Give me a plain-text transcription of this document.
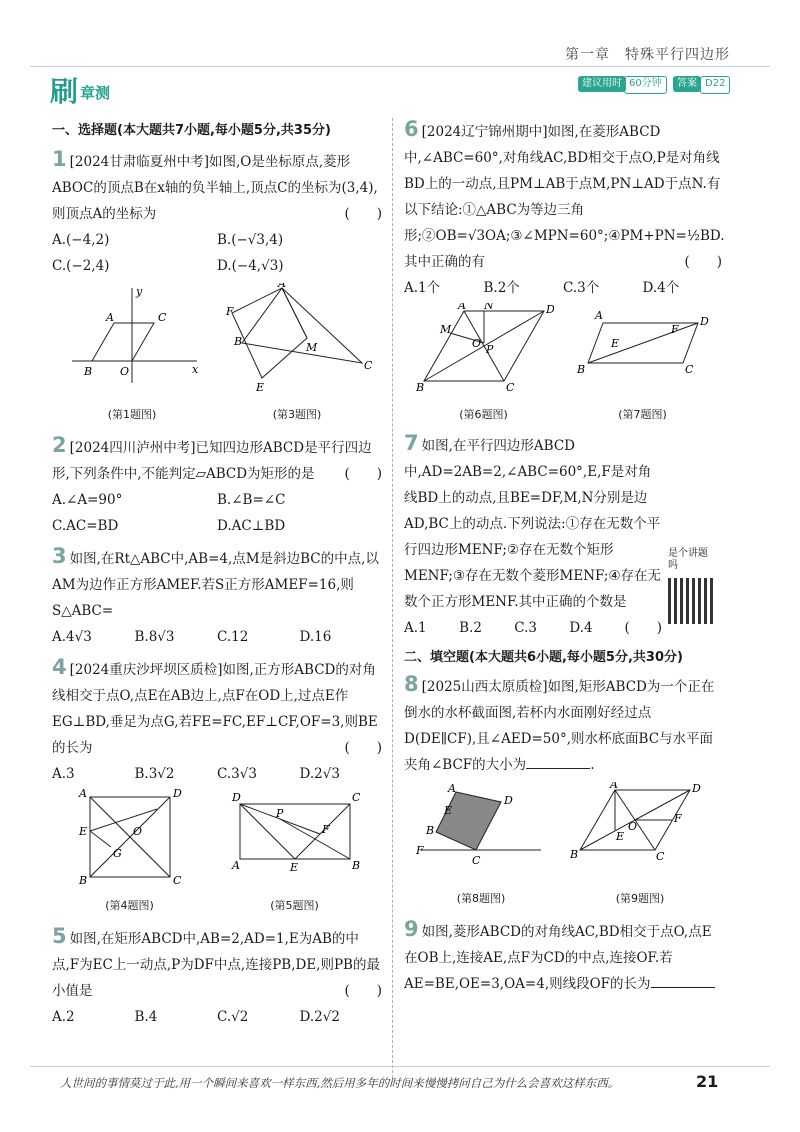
第一章　特殊平行四边形
刷 章测
建议用时 60分钟	答案 D22
一、选择题(本大题共7小题,每小题5分,共35分)
1 [2024甘肃临夏州中考]如图,O是坐标原点,菱形ABOC的顶点B在x轴的负半轴上,顶点C的坐标为(3,4),则顶点A的坐标为	(　　)
A.(−4,2)	B.(−√3,4)
C.(−2,4)	D.(−4,√3)
A	C
B	O	x
y
(第1题图)
A
F
B	M
E
C
(第3题图)
2 [2024四川泸州中考]已知四边形ABCD是平行四边形,下列条件中,不能判定▱ABCD为矩形的是 (　　)
A.∠A=90°	B.∠B=∠C
C.AC=BD	D.AC⊥BD
3 如图,在Rt△ABC中,AB=4,点M是斜边BC的中点,以AM为边作正方形AMEF.若S正方形AMEF=16,则S△ABC=
A.4√3	B.8√3	C.12	D.16
4 [2024重庆沙坪坝区质检]如图,正方形ABCD的对角线相交于点O,点E在AB边上,点F在OD上,过点E作EG⊥BD,垂足为点G,若FE=FC,EF⊥CF,OF=3,则BE的长为	(　　)
A.3	B.3√2	C.3√3	D.2√3
A	D
E	O
G
B	C
(第4题图)
D	C
P
F
A	E	B
(第5题图)
5 如图,在矩形ABCD中,AB=2,AD=1,E为AB的中点,F为EC上一动点,P为DF中点,连接PB,DE,则PB的最小值是	(　　)
A.2	B.4	C.√2	D.2√2
6 [2024辽宁锦州期中]如图,在菱形ABCD中,∠ABC=60°,对角线AC,BD相交于点O,P是对角线BD上的一动点,且PM⊥AB于点M,PN⊥AD于点N.有以下结论:①△ABC为等边三角形;②OB=√3OA;③∠MPN=60°;④PM+PN=½BD.其中正确的有	(　　)
A.1个	B.2个	C.3个	D.4个
A N	D
M
P
O
B	C
(第6题图)
A	D
E
F
B	C
(第7题图)
7 如图,在平行四边形ABCD中,AD=2AB=2,∠ABC=60°,E,F是对角线BD上的动点,且BE=DF,M,N分别是边AD,BC上的动点.下列说法:①存在无数个平行四边形MENF;②存在无数个矩形MENF;③存在无数个菱形MENF;④存在无数个正方形MENF.其中正确的个数是
(　　)
A.1	B.2	C.3	D.4
二、填空题(本大题共6小题,每小题5分,共30分)
8 [2025山西太原质检]如图,矩形ABCD为一个正在倒水的水杯截面图,若杯内水面刚好经过点D(DE∥CF),且∠AED=50°,则水杯底面BC与水平面夹角∠BCF的大小为	.
A
D
E
B
F
C
(第8题图)
A	D
O
F
E
B	C
(第9题图)
9 如图,菱形ABCD的对角线AC,BD相交于点O,点E在OB上,连接AE,点F为CD的中点,连接OF.若AE=BE,OE=3,OA=4,则线段OF的长为
是个讲题吗
人世间的事情莫过于此,用一个瞬间来喜欢一样东西,然后用多年的时间来慢慢拷问自己为什么会喜欢这样东西。	21
